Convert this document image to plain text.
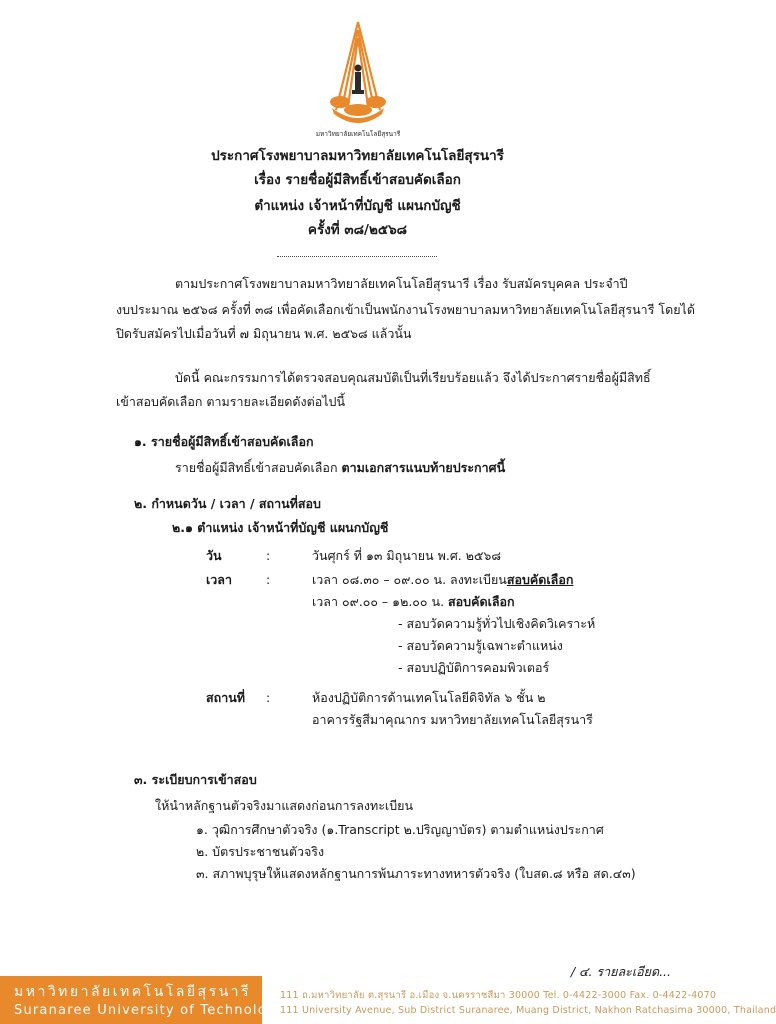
มหาวิทยาลัยเทคโนโลยีสุรนารี
ประกาศโรงพยาบาลมหาวิทยาลัยเทคโนโลยีสุรนารี
เรื่อง รายชื่อผู้มีสิทธิ์เข้าสอบคัดเลือก
ตำแหน่ง เจ้าหน้าที่บัญชี แผนกบัญชี
ครั้งที่ ๓๘/๒๕๖๘
ตามประกาศโรงพยาบาลมหาวิทยาลัยเทคโนโลยีสุรนารี เรื่อง รับสมัครบุคคล ประจำปี
งบประมาณ ๒๕๖๘ ครั้งที่ ๓๘ เพื่อคัดเลือกเข้าเป็นพนักงานโรงพยาบาลมหาวิทยาลัยเทคโนโลยีสุรนารี โดยได้
ปิดรับสมัครไปเมื่อวันที่ ๗ มิถุนายน พ.ศ. ๒๕๖๘ แล้วนั้น
บัดนี้ คณะกรรมการได้ตรวจสอบคุณสมบัติเป็นที่เรียบร้อยแล้ว จึงได้ประกาศรายชื่อผู้มีสิทธิ์
เข้าสอบคัดเลือก ตามรายละเอียดดังต่อไปนี้
๑. รายชื่อผู้มีสิทธิ์เข้าสอบคัดเลือก
รายชื่อผู้มีสิทธิ์เข้าสอบคัดเลือก ตามเอกสารแนบท้ายประกาศนี้
๒. กำหนดวัน / เวลา / สถานที่สอบ
๒.๑ ตำแหน่ง เจ้าหน้าที่บัญชี แผนกบัญชี
วัน	:	วันศุกร์ ที่ ๑๓ มิถุนายน พ.ศ. ๒๕๖๘
เวลา	:	เวลา ๐๘.๓๐ – ๐๙.๐๐ น. ลงทะเบียนสอบคัดเลือก
เวลา ๐๙.๐๐ – ๑๒.๐๐ น. สอบคัดเลือก
- สอบวัดความรู้ทั่วไปเชิงคิดวิเคราะห์
- สอบวัดความรู้เฉพาะตำแหน่ง
- สอบปฏิบัติการคอมพิวเตอร์
สถานที่ :	ห้องปฏิบัติการด้านเทคโนโลยีดิจิทัล ๖ ชั้น ๒
อาคารรัฐสีมาคุณากร มหาวิทยาลัยเทคโนโลยีสุรนารี
๓. ระเบียบการเข้าสอบ
ให้นำหลักฐานตัวจริงมาแสดงก่อนการลงทะเบียน
๑. วุฒิการศึกษาตัวจริง (๑.Transcript ๒.ปริญญาบัตร) ตามตำแหน่งประกาศ
๒. บัตรประชาชนตัวจริง
๓. สภาพบุรุษให้แสดงหลักฐานการพ้นภาระทางทหารตัวจริง (ใบสด.๘ หรือ สด.๔๓)
/ ๔. รายละเอียด...
มหาวิทยาลัยเทคโนโลยีสุรนารี
Suranaree University of Technology
111 ถ.มหาวิทยาลัย ต.สุรนารี อ.เมือง จ.นครราชสีมา 30000 Tel. 0-4422-3000 Fax. 0-4422-4070
111 University Avenue, Sub District Suranaree, Muang District, Nakhon Ratchasima 30000, Thailand
